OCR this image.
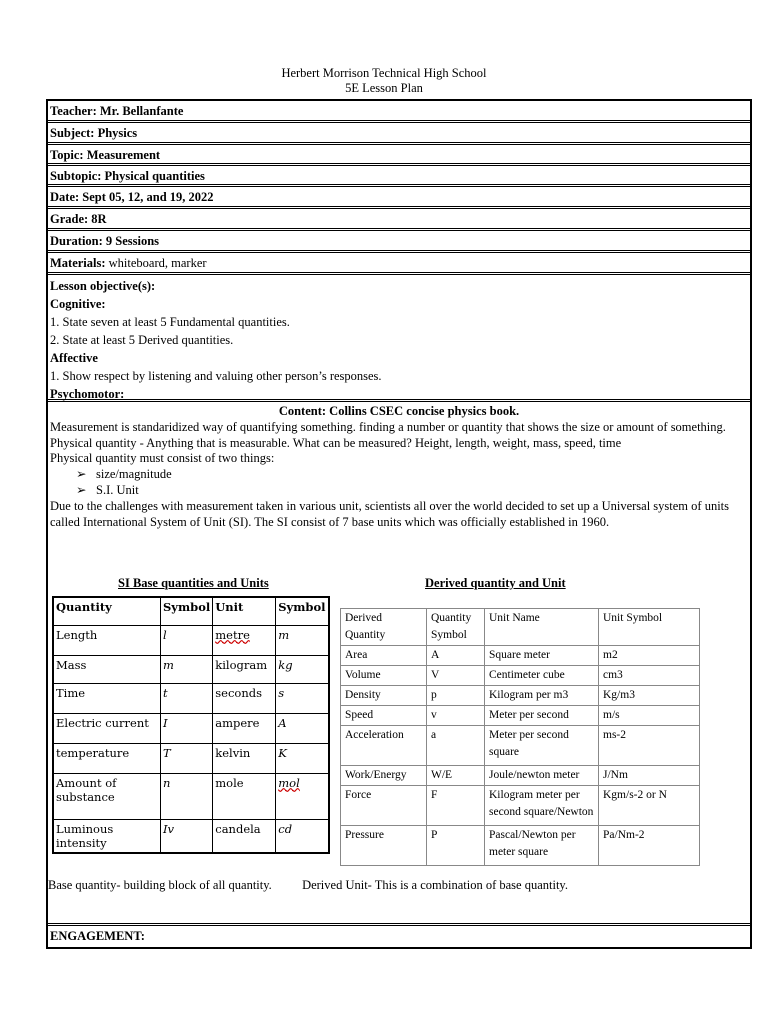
Herbert Morrison Technical High School
5E Lesson Plan
Teacher: Mr. Bellanfante
Subject: Physics
Topic: Measurement
Subtopic: Physical quantities
Date: Sept 05, 12, and 19, 2022
Grade: 8R
Duration: 9 Sessions
Materials: whiteboard, marker

Lesson objective(s):

Cognitive:

1. State seven at least 5 Fundamental quantities.

2. State at least 5 Derived quantities.

Affective

1. Show respect by listening and valuing other person’s responses.

Psychomotor:

Content: Collins CSEC concise physics book.

Measurement is standaridized way of quantifying something. finding a number or quantity that shows the size or amount of something.

Physical quantity - Anything that is measurable. What can be measured? Height, length, weight, mass, speed, time

Physical quantity must consist of two things:

➢ size/magnitude

➢ S.I. Unit

Due to the challenges with measurement taken in various unit, scientists all over the world decided to set up a Universal system of units called International System of Unit (SI). The SI consist of 7 base units which was officially established in 1960.

ENGAGEMENT:
SI Base quantities and Units	Derived quantity and Unit
Quantity	Symbol	Unit	Symbol
Length	l	metre	m
Mass	m	kilogram	kg
Time	t	seconds	s
Electric current	I	ampere	A
temperature	T	kelvin	K
Amount of substance	n	mole	mol
Luminous intensity	Iv	candela	cd
Derived Quantity	Quantity Symbol	Unit Name	Unit Symbol
Area	A	Square meter	m2
Volume	V	Centimeter cube	cm3
Density	p	Kilogram per m3	Kg/m3
Speed	v	Meter per second	m/s
Acceleration	a	Meter per second square	ms-2
Work/Energy	W/E	Joule/newton meter	J/Nm
Force	F	Kilogram meter per second square/Newton	Kgm/s-2 or N
Pressure	P	Pascal/Newton per meter square	Pa/Nm-2
Base quantity- building block of all quantity. Derived Unit- This is a combination of base quantity.
